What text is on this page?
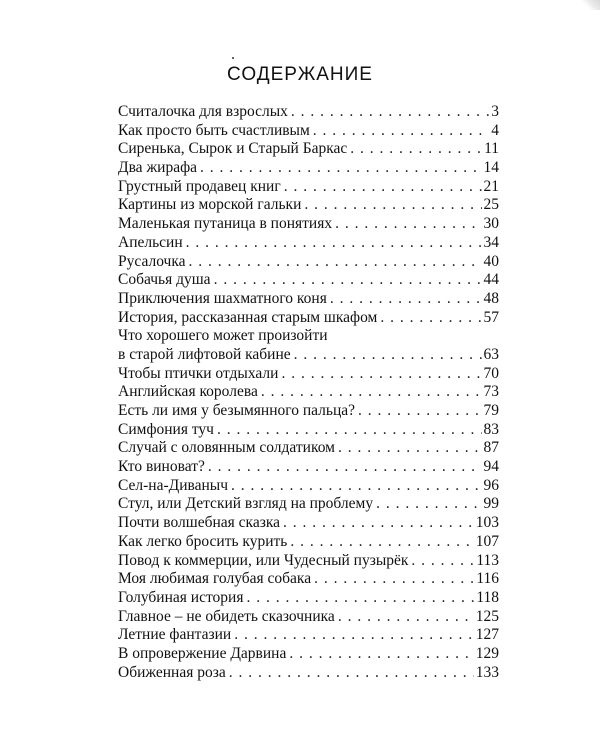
СОДЕРЖАНИЕ
Считалочка для взрослых . . .	3
Как просто быть счастливым . . .	4
Сиренька, Сырок и Старый Баркас . . .	11
Два жирафа . . .	14
Грустный продавец книг . . .	21
Картины из морской гальки . . .	25
Маленькая путаница в понятиях . . .	30
Апельсин . . .	34
Русалочка . . .	40
Собачья душа . . .	44
Приключения шахматного коня . . .	48
История, рассказанная старым шкафом . . .	57
Что хорошего может произойти
в старой лифтовой кабине . . .	63
Чтобы птички отдыхали . . .	70
Английская королева . . .	73
Есть ли имя у безымянного пальца? . . .	79
Симфония туч . . .	83
Случай с оловянным солдатиком . . .	87
Кто виноват? . . .	94
Сел-на-Диваныч . . .	96
Стул, или Детский взгляд на проблему . . .	99
Почти волшебная сказка . . .	103
Как легко бросить курить . . .	107
Повод к коммерции, или Чудесный пузырёк . . .	113
Моя любимая голубая собака . . .	116
Голубиная история . . .	118
Главное – не обидеть сказочника . . .	125
Летние фантазии . . .	127
В опровержение Дарвина . . .	129
Обиженная роза . . .	133
